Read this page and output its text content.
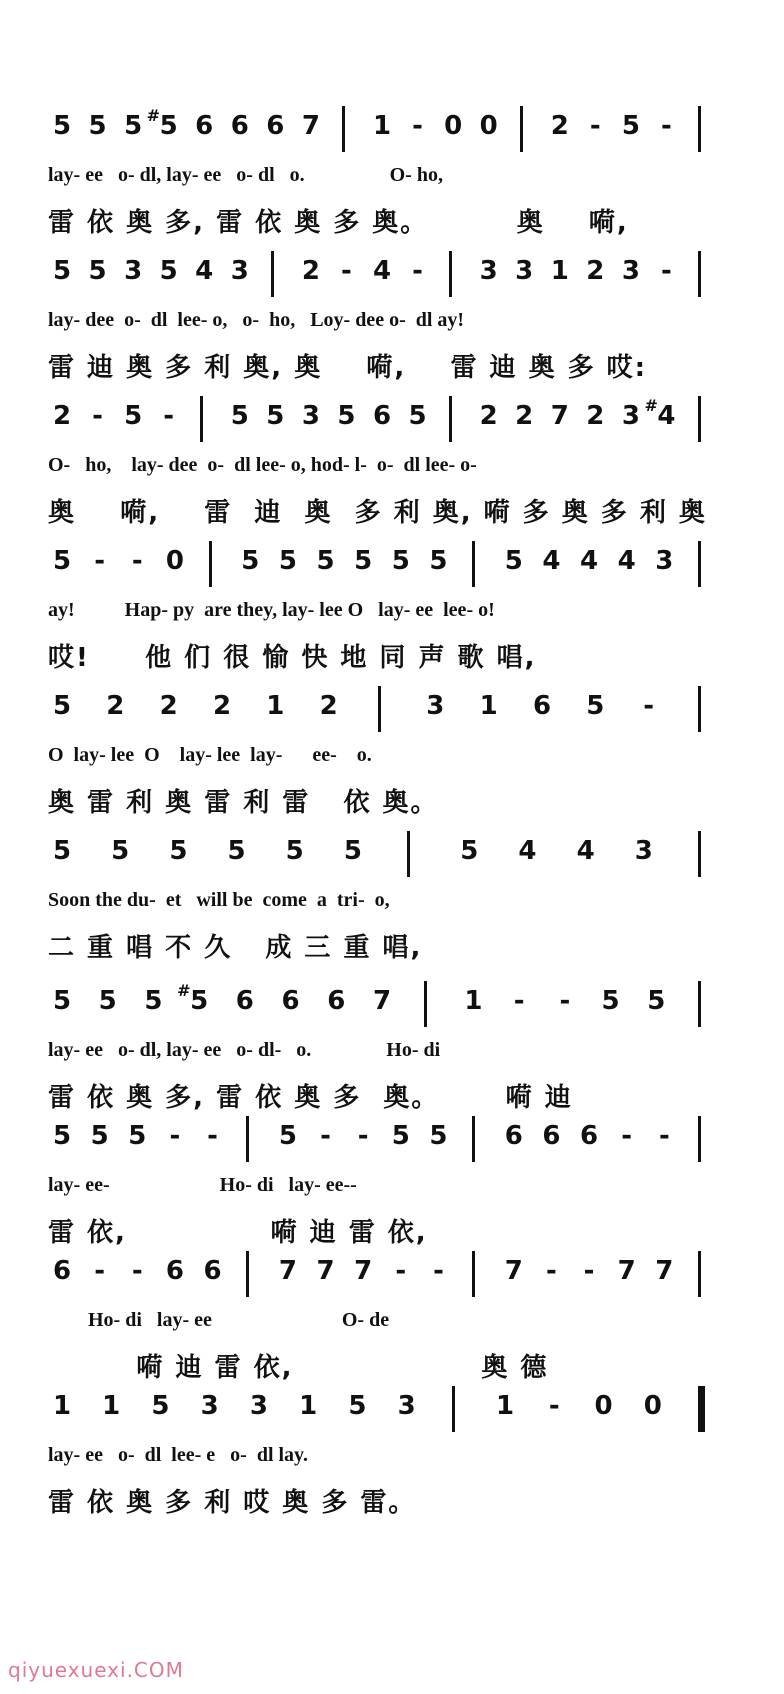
5 5 5 # 5 6 6 6 7 1 - 0 0 2 - 5 -
lay- ee   o- dl, lay- ee   o- dl   o.                 O- ho,
雷 依 奥 多, 雷 依 奥 多 奥。        奥    嗬,
5 5 3 5 4 3 2 - 4 - 3 3 1 2 3 -
lay- dee  o-  dl  lee- o,   o-  ho,   Loy- dee o-  dl ay!
雷 迪 奥 多 利 奥, 奥    嗬,    雷 迪 奥 多 哎:
2 - 5 - 5 5 3 5 6 5 2 2 7 2 3 # 4
O-   ho,    lay- dee  o-  dl lee- o, hod- l-  o-  dl lee- o-
奥    嗬,    雷  迪  奥  多 利 奥, 嗬 多 奥 多 利 奥
5 - - 0 5 5 5 5 5 5 5 4 4 4 3
ay!          Hap- py  are they, lay- lee O   lay- ee  lee- o!
哎!     他 们 很 愉 快 地 同 声 歌 唱,
5 2 2 2 1 2	3 1 6 5 -
O  lay- lee  O    lay- lee  lay-      ee-    o.
奥 雷 利 奥 雷 利 雷   依 奥。
5 5 5 5 5 5	5 4 4 3
Soon the du-  et   will be  come  a  tri-  o,
二 重 唱 不 久   成 三 重 唱,
5 5 5 # 5 6 6 6 7	1 - - 5 5
lay- ee   o- dl, lay- ee   o- dl-   o.               Ho- di
雷 依 奥 多, 雷 依 奥 多  奥。      嗬 迪
5 5 5 - - 5 - - 5 5 6 6 6 - -
lay- ee-                      Ho- di   lay- ee--
雷 依,             嗬 迪 雷 依,
6 - - 6 6 7 7 7 - - 7 - - 7 7
Ho- di   lay- ee                          O- de
嗬 迪 雷 依,                 奥 德
1 1 5 3 3 1 5 3	1 - 0 0
lay- ee   o-  dl  lee- e   o-  dl lay.
雷 依 奥 多 利 哎 奥 多 雷。
qiyuexuexi.COM
